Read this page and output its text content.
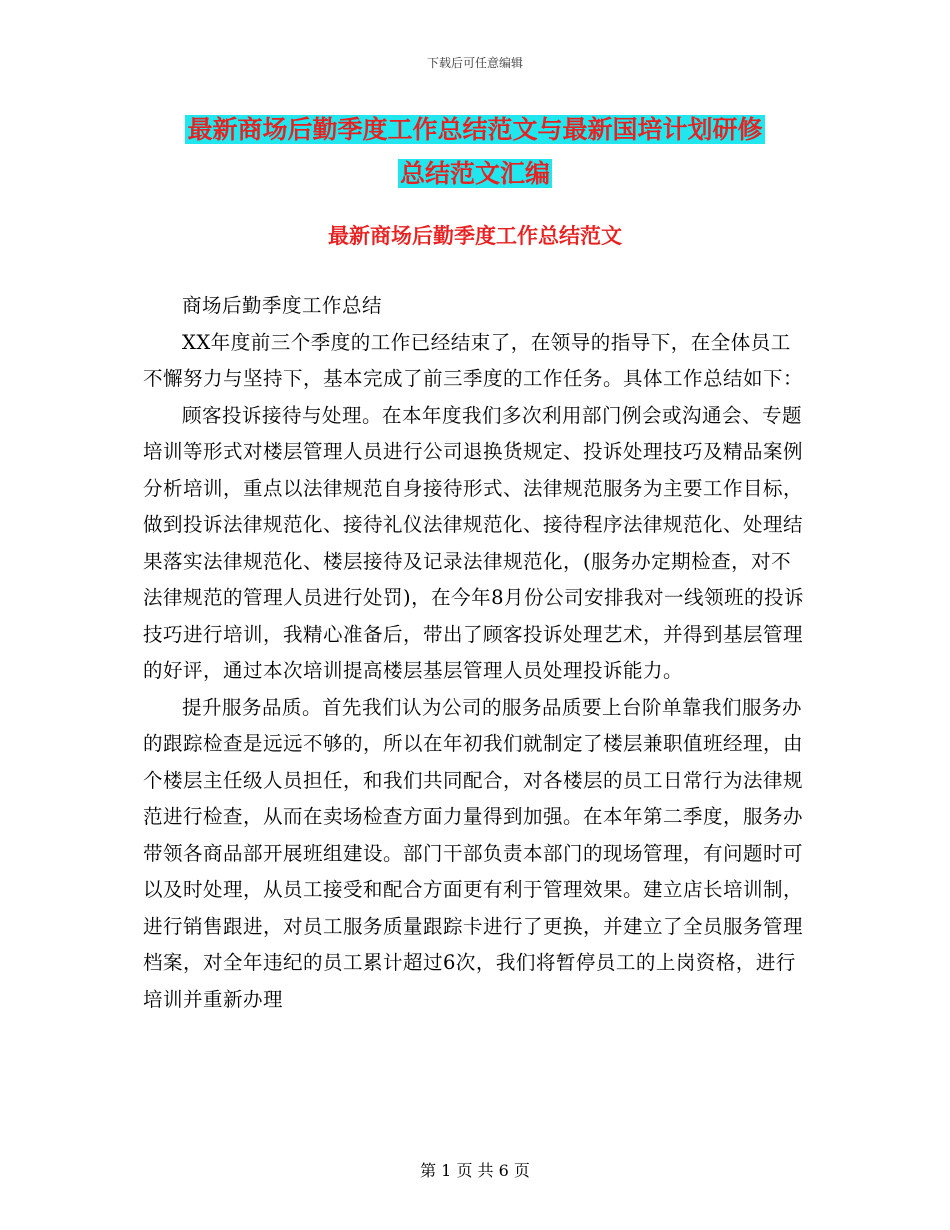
下载后可任意编辑
最新商场后勤季度工作总结范文与最新国培计划研修
总结范文汇编
最新商场后勤季度工作总结范文

商场后勤季度工作总结

XX年度前三个季度的工作已经结束了，在领导的指导下，在全体员工不懈努力与坚持下，基本完成了前三季度的工作任务。具体工作总结如下：

顾客投诉接待与处理。在本年度我们多次利用部门例会或沟通会、专题培训等形式对楼层管理人员进行公司退换货规定、投诉处理技巧及精品案例分析培训，重点以法律规范自身接待形式、法律规范服务为主要工作目标，做到投诉法律规范化、接待礼仪法律规范化、接待程序法律规范化、处理结果落实法律规范化、楼层接待及记录法律规范化，(服务办定期检查，对不法律规范的管理人员进行处罚)，在今年8月份公司安排我对一线领班的投诉技巧进行培训，我精心准备后，带出了顾客投诉处理艺术，并得到基层管理的好评，通过本次培训提高楼层基层管理人员处理投诉能力。

提升服务品质。首先我们认为公司的服务品质要上台阶单靠我们服务办的跟踪检查是远远不够的，所以在年初我们就制定了楼层兼职值班经理，由个楼层主任级人员担任，和我们共同配合，对各楼层的员工日常行为法律规范进行检查，从而在卖场检查方面力量得到加强。在本年第二季度，服务办带领各商品部开展班组建设。部门干部负责本部门的现场管理，有问题时可以及时处理，从员工接受和配合方面更有利于管理效果。建立店长培训制，进行销售跟进，对员工服务质量跟踪卡进行了更换，并建立了全员服务管理档案，对全年违纪的员工累计超过6次，我们将暂停员工的上岗资格，进行培训并重新办理

第 1 页 共 6 页
